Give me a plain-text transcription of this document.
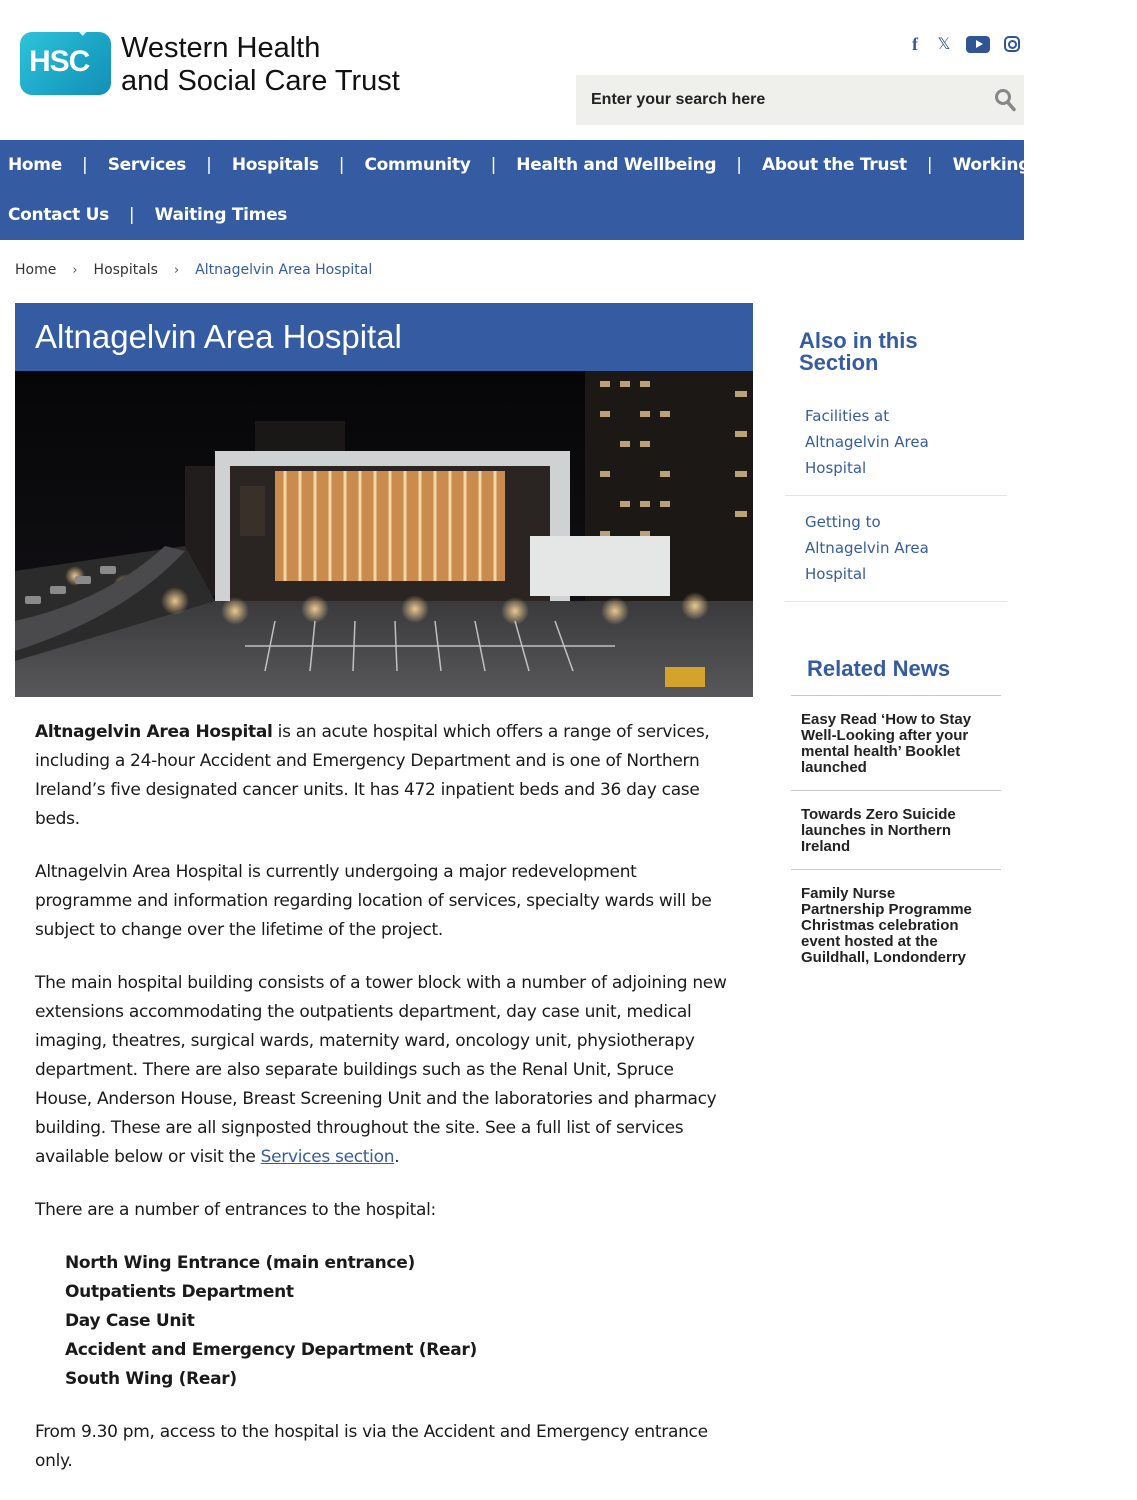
HSC Western Health
and Social Care Trust
f 𝕏
Enter your search here
Home | Services | Hospitals | Community | Health and Wellbeing | About the Trust | Working for Us |
Contact Us | Waiting Times
Home › Hospitals › Altnagelvin Area Hospital
Altnagelvin Area Hospital

Altnagelvin Area Hospital is an acute hospital which offers a range of services, including a 24-hour Accident and Emergency Department and is one of Northern Ireland’s five designated cancer units. It has 472 inpatient beds and 36 day case beds.

Altnagelvin Area Hospital is currently undergoing a major redevelopment programme and information regarding location of services, specialty wards will be subject to change over the lifetime of the project.

The main hospital building consists of a tower block with a number of adjoining new extensions accommodating the outpatients department, day case unit, medical imaging, theatres, surgical wards, maternity ward, oncology unit, physiotherapy department. There are also separate buildings such as the Renal Unit, Spruce House, Anderson House, Breast Screening Unit and the laboratories and pharmacy building. These are all signposted throughout the site. See a full list of services available below or visit the Services section.

There are a number of entrances to the hospital:

North Wing Entrance (main entrance)
Outpatients Department
Day Case Unit
Accident and Emergency Department (Rear)
South Wing (Rear)

From 9.30 pm, access to the hospital is via the Accident and Emergency entrance only.

Also in this
Section
Facilities at
Altnagelvin Area
Hospital
Getting to
Altnagelvin Area
Hospital
Related News
Easy Read ‘How to Stay
Well-Looking after your
mental health’ Booklet
launched
Towards Zero Suicide
launches in Northern
Ireland
Family Nurse
Partnership Programme
Christmas celebration
event hosted at the
Guildhall, Londonderry
